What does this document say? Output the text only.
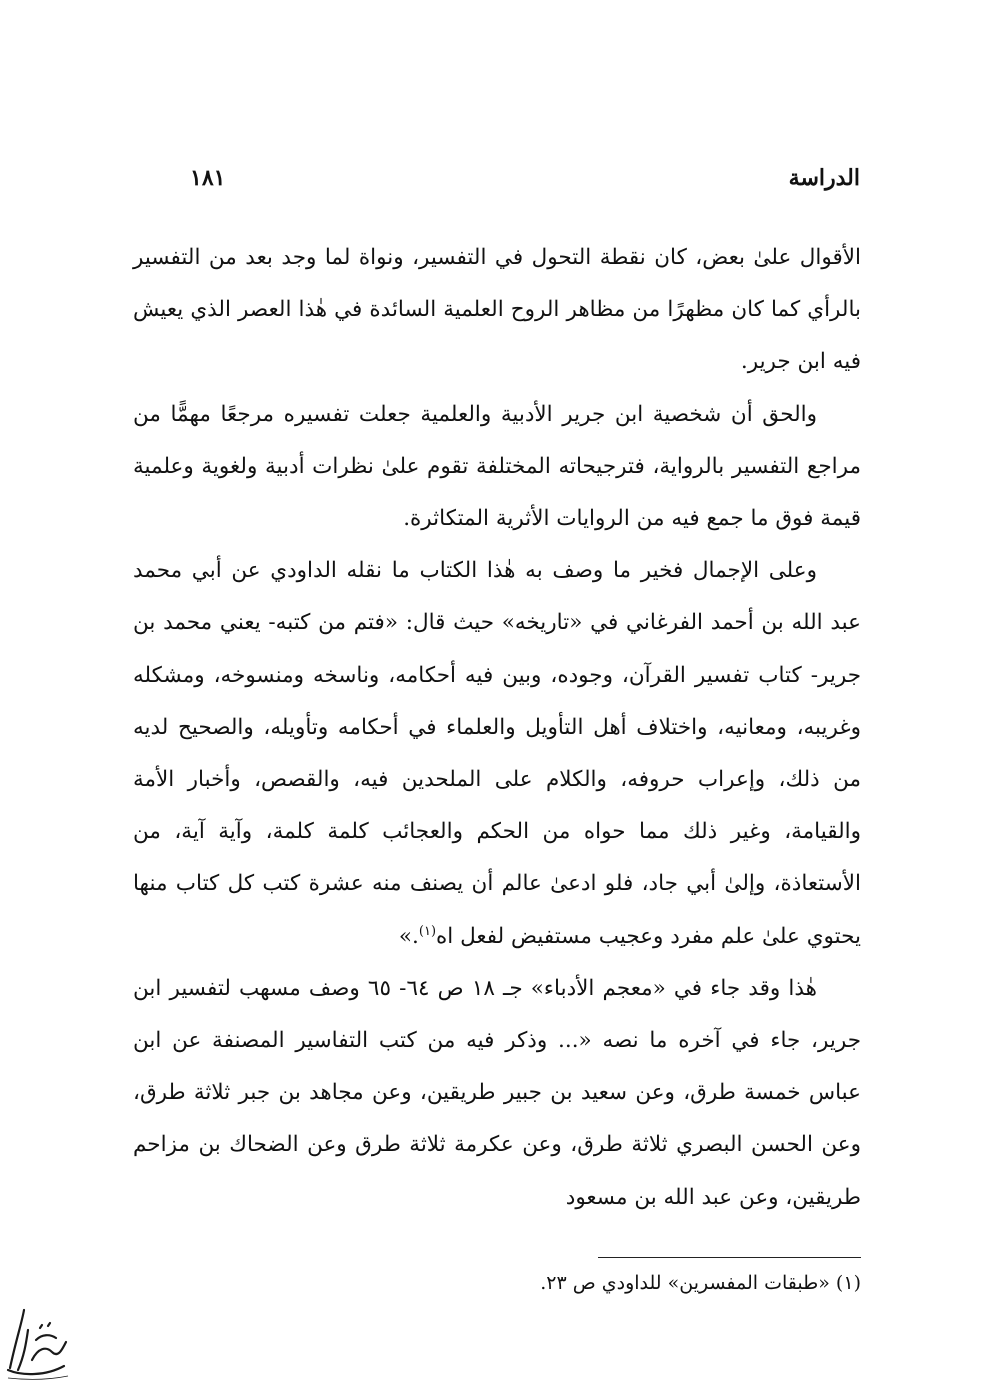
الدراسة
١٨١

الأقوال علىٰ بعض، كان نقطة التحول في التفسير، ونواة لما وجد بعد من التفسير بالرأي كما كان مظهرًا من مظاهر الروح العلمية السائدة في هٰذا العصر الذي يعيش فيه ابن جرير.

والحق أن شخصية ابن جرير الأدبية والعلمية جعلت تفسيره مرجعًا مهمًّا من مراجع التفسير بالرواية، فترجيحاته المختلفة تقوم علىٰ نظرات أدبية ولغوية وعلمية قيمة فوق ما جمع فيه من الروايات الأثرية المتكاثرة.

وعلى الإجمال فخير ما وصف به هٰذا الكتاب ما نقله الداودي عن أبي محمد عبد الله بن أحمد الفرغاني في «تاريخه» حيث قال: «فتم من كتبه- يعني محمد بن جرير- كتاب تفسير القرآن، وجوده، وبين فيه أحكامه، وناسخه ومنسوخه، ومشكله وغريبه، ومعانيه، واختلاف أهل التأويل والعلماء في أحكامه وتأويله، والصحيح لديه من ذلك، وإعراب حروفه، والكلام على الملحدين فيه، والقصص، وأخبار الأمة والقيامة، وغير ذلك مما حواه من الحكم والعجائب كلمة كلمة، وآية آية، من الأستعاذة، وإلىٰ أبي جاد، فلو ادعىٰ عالم أن يصنف منه عشرة كتب كل كتاب منها يحتوي علىٰ علم مفرد وعجيب مستفيض لفعل اه$^{(١)}$.»

هٰذا وقد جاء في «معجم الأدباء» جـ ١٨ ص ٦٤- ٦٥ وصف مسهب لتفسير ابن جرير، جاء في آخره ما نصه «... وذكر فيه من كتب التفاسير المصنفة عن ابن عباس خمسة طرق، وعن سعيد بن جبير طريقين، وعن مجاهد بن جبر ثلاثة طرق، وعن الحسن البصري ثلاثة طرق، وعن عكرمة ثلاثة طرق وعن الضحاك بن مزاحم طريقين، وعن عبد الله بن مسعود

(١) «طبقات المفسرين» للداودي ص ٢٣.
